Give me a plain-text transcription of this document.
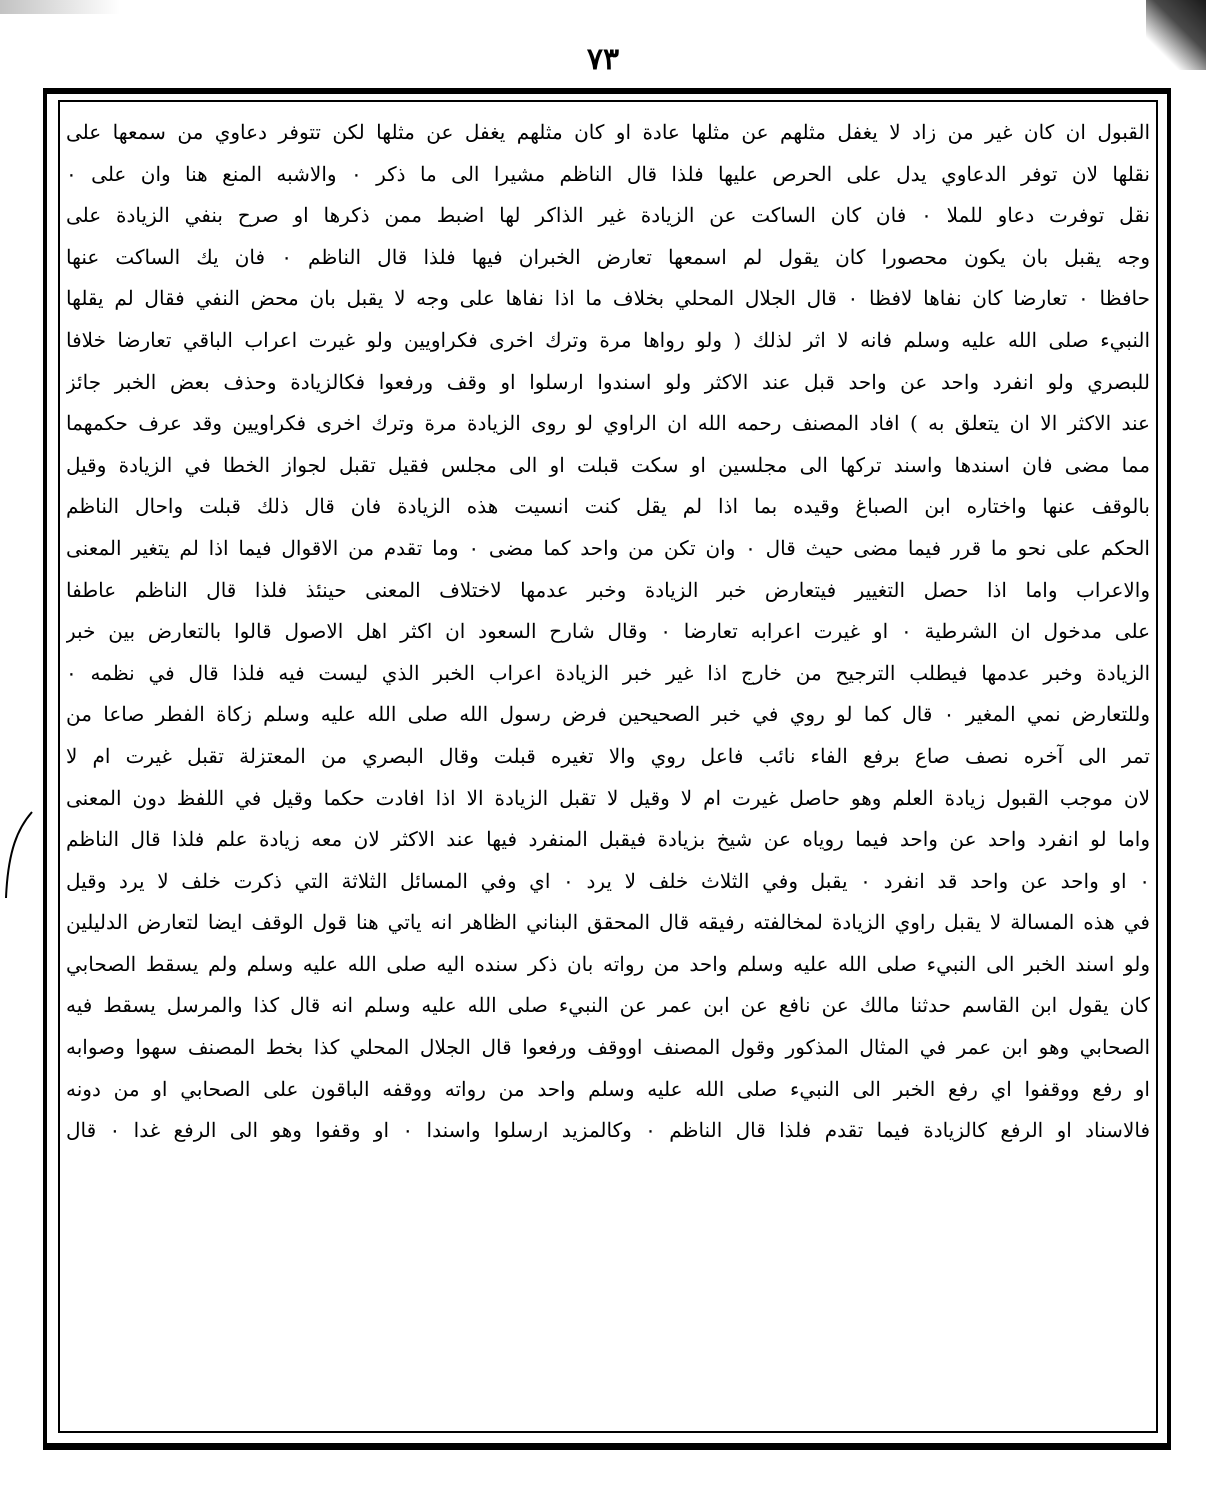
٧٣
القبول ان كان غير من زاد لا يغفل مثلهم عن مثلها عادة او كان مثلهم يغفل عن مثلها لكن تتوفر دعاوي من سمعها على
نقلها لان توفر الدعاوي يدل على الحرص عليها فلذا قال الناظم مشيرا الى ما ذكر ٠ والاشبه المنع هنا وان على ٠
نقل توفرت دعاو للملا ٠ فان كان الساكت عن الزيادة غير الذاكر لها اضبط ممن ذكرها او صرح بنفي الزيادة على
وجه يقبل بان يكون محصورا كان يقول لم اسمعها تعارض الخبران فيها فلذا قال الناظم ٠ فان يك الساكت عنها
حافظا ٠ تعارضا كان نفاها لافظا ٠ قال الجلال المحلي بخلاف ما اذا نفاها على وجه لا يقبل بان محض النفي فقال لم يقلها
النبيء صلى الله عليه وسلم فانه لا اثر لذلك ( ولو رواها مرة وترك اخرى فكراويين ولو غيرت اعراب الباقي تعارضا خلافا
للبصري ولو انفرد واحد عن واحد قبل عند الاكثر ولو اسندوا ارسلوا او وقف ورفعوا فكالزيادة وحذف بعض الخبر جائز
عند الاكثر الا ان يتعلق به ) افاد المصنف رحمه الله ان الراوي لو روى الزيادة مرة وترك اخرى فكراويين وقد عرف حكمهما
مما مضى فان اسندها واسند تركها الى مجلسين او سكت قبلت او الى مجلس فقيل تقبل لجواز الخطا في الزيادة وقيل
بالوقف عنها واختاره ابن الصباغ وقيده بما اذا لم يقل كنت انسيت هذه الزيادة فان قال ذلك قبلت واحال الناظم
الحكم على نحو ما قرر فيما مضى حيث قال ٠ وان تكن من واحد كما مضى ٠ وما تقدم من الاقوال فيما اذا لم يتغير المعنى
والاعراب واما اذا حصل التغيير فيتعارض خبر الزيادة وخبر عدمها لاختلاف المعنى حينئذ فلذا قال الناظم عاطفا
على مدخول ان الشرطية ٠ او غيرت اعرابه تعارضا ٠ وقال شارح السعود ان اكثر اهل الاصول قالوا بالتعارض بين خبر
الزيادة وخبر عدمها فيطلب الترجيح من خارج اذا غير خبر الزيادة اعراب الخبر الذي ليست فيه فلذا قال في نظمه ٠
وللتعارض نمي المغير ٠ قال كما لو روي في خبر الصحيحين فرض رسول الله صلى الله عليه وسلم زكاة الفطر صاعا من
تمر الى آخره نصف صاع برفع الفاء نائب فاعل روي والا تغيره قبلت وقال البصري من المعتزلة تقبل غيرت ام لا
لان موجب القبول زيادة العلم وهو حاصل غيرت ام لا وقيل لا تقبل الزيادة الا اذا افادت حكما وقيل في اللفظ دون المعنى
واما لو انفرد واحد عن واحد فيما روياه عن شيخ بزيادة فيقبل المنفرد فيها عند الاكثر لان معه زيادة علم فلذا قال الناظم
٠ او واحد عن واحد قد انفرد ٠ يقبل وفي الثلاث خلف لا يرد ٠ اي وفي المسائل الثلاثة التي ذكرت خلف لا يرد وقيل
في هذه المسالة لا يقبل راوي الزيادة لمخالفته رفيقه قال المحقق البناني الظاهر انه ياتي هنا قول الوقف ايضا لتعارض الدليلين
ولو اسند الخبر الى النبيء صلى الله عليه وسلم واحد من رواته بان ذكر سنده اليه صلى الله عليه وسلم ولم يسقط الصحابي
كان يقول ابن القاسم حدثنا مالك عن نافع عن ابن عمر عن النبيء صلى الله عليه وسلم انه قال كذا والمرسل يسقط فيه
الصحابي وهو ابن عمر في المثال المذكور وقول المصنف اووقف ورفعوا قال الجلال المحلي كذا بخط المصنف سهوا وصوابه
او رفع ووقفوا اي رفع الخبر الى النبيء صلى الله عليه وسلم واحد من رواته ووقفه الباقون على الصحابي او من دونه
فالاسناد او الرفع كالزيادة فيما تقدم فلذا قال الناظم ٠ وكالمزيد ارسلوا واسندا ٠ او وقفوا وهو الى الرفع غدا ٠ قال
